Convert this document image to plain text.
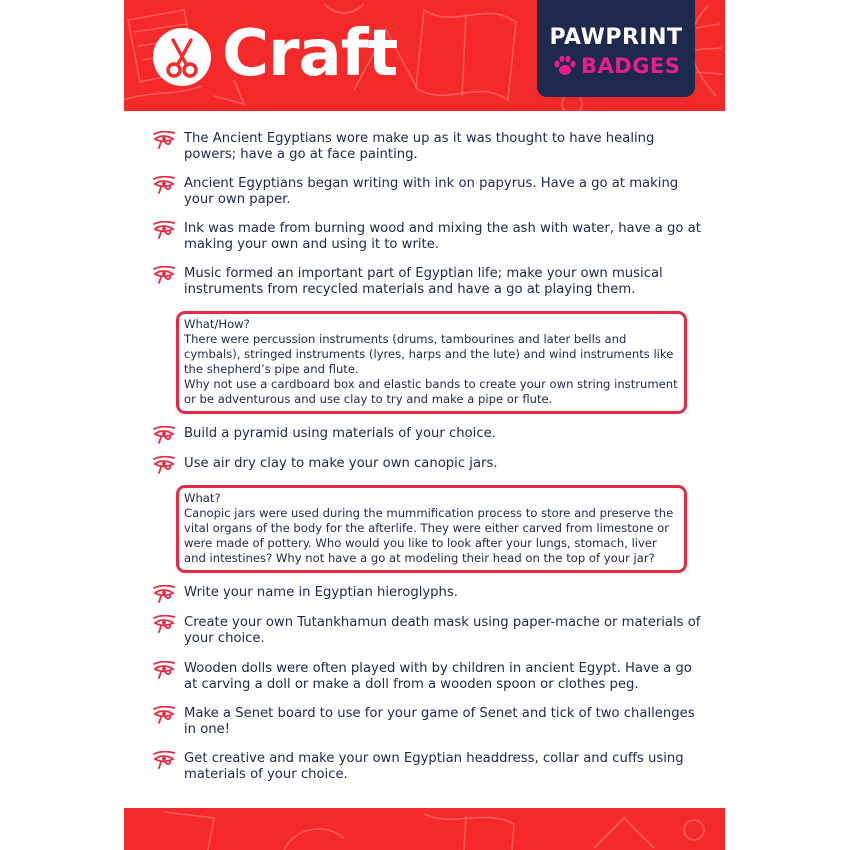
Craft	PAWPRINT
BADGES

The Ancient Egyptians wore make up as it was thought to have healing powers; have a go at face painting.

Ancient Egyptians began writing with ink on papyrus. Have a go at making your own paper.

Ink was made from burning wood and mixing the ash with water, have a go at making your own and using it to write.

Music formed an important part of Egyptian life; make your own musical instruments from recycled materials and have a go at playing them.

What/How?

There were percussion instruments (drums, tambourines and later bells and cymbals), stringed instruments (lyres, harps and the lute) and wind instruments like the shepherd’s pipe and flute.
Why not use a cardboard box and elastic bands to create your own string instrument or be adventurous and use clay to try and make a pipe or flute.

Build a pyramid using materials of your choice.

Use air dry clay to make your own canopic jars.

What?

Canopic jars were used during the mummification process to store and preserve the vital organs of the body for the afterlife. They were either carved from limestone or were made of pottery. Who would you like to look after your lungs, stomach, liver and intestines? Why not have a go at modeling their head on the top of your jar?

Write your name in Egyptian hieroglyphs.

Create your own Tutankhamun death mask using paper-mache or materials of your choice.

Wooden dolls were often played with by children in ancient Egypt. Have a go at carving a doll or make a doll from a wooden spoon or clothes peg.

Make a Senet board to use for your game of Senet and tick of two challenges in one!

Get creative and make your own Egyptian headdress, collar and cuffs using materials of your choice.
